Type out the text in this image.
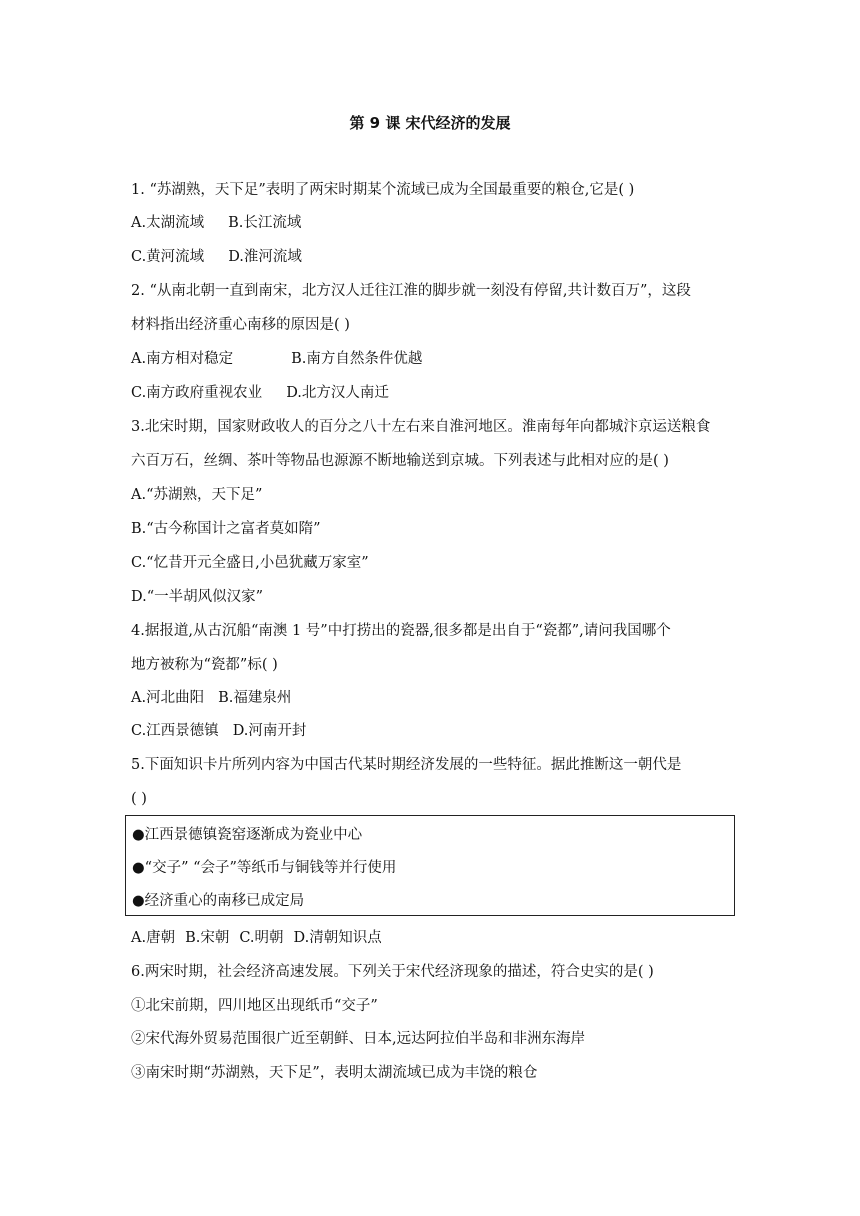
第 9 课 宋代经济的发展
1. “苏湖熟，天下足”表明了两宋时期某个流域已成为全国最重要的粮仓,它是( )
A.太湖流域 B.长江流域
C.黄河流域 D.淮河流域
2. “从南北朝一直到南宋，北方汉人迁往江淮的脚步就一刻没有停留,共计数百万”，这段
材料指出经济重心南移的原因是( )
A.南方相对稳定	B.南方自然条件优越
C.南方政府重视农业 D.北方汉人南迁
3.北宋时期，国家财政收人的百分之八十左右来自淮河地区。淮南每年向都城汴京运送粮食
六百万石，丝绸、茶叶等物品也源源不断地输送到京城。下列表述与此相对应的是( )
A.“苏湖熟，天下足”
B.“古今称国计之富者莫如隋”
C.“忆昔开元全盛日,小邑犹藏万家室”
D.“一半胡风似汉家”
4.据报道,从古沉船“南澳 1 号”中打捞出的瓷器,很多都是出自于“瓷都”,请问我国哪个
地方被称为“瓷都”标( )
A.河北曲阳 B.福建泉州
C.江西景德镇 D.河南开封
5.下面知识卡片所列内容为中国古代某时期经济发展的一些特征。据此推断这一朝代是
( )
●江西景德镇瓷窑逐渐成为瓷业中心
●“交子” “会子”等纸币与铜钱等并行使用
●经济重心的南移已成定局
A.唐朝 B.宋朝 C.明朝 D.清朝知识点
6.两宋时期，社会经济高速发展。下列关于宋代经济现象的描述，符合史实的是( )
①北宋前期，四川地区出现纸币“交子”
②宋代海外贸易范围很广近至朝鲜、日本,远达阿拉伯半岛和非洲东海岸
③南宋时期“苏湖熟，天下足”，表明太湖流域已成为丰饶的粮仓
